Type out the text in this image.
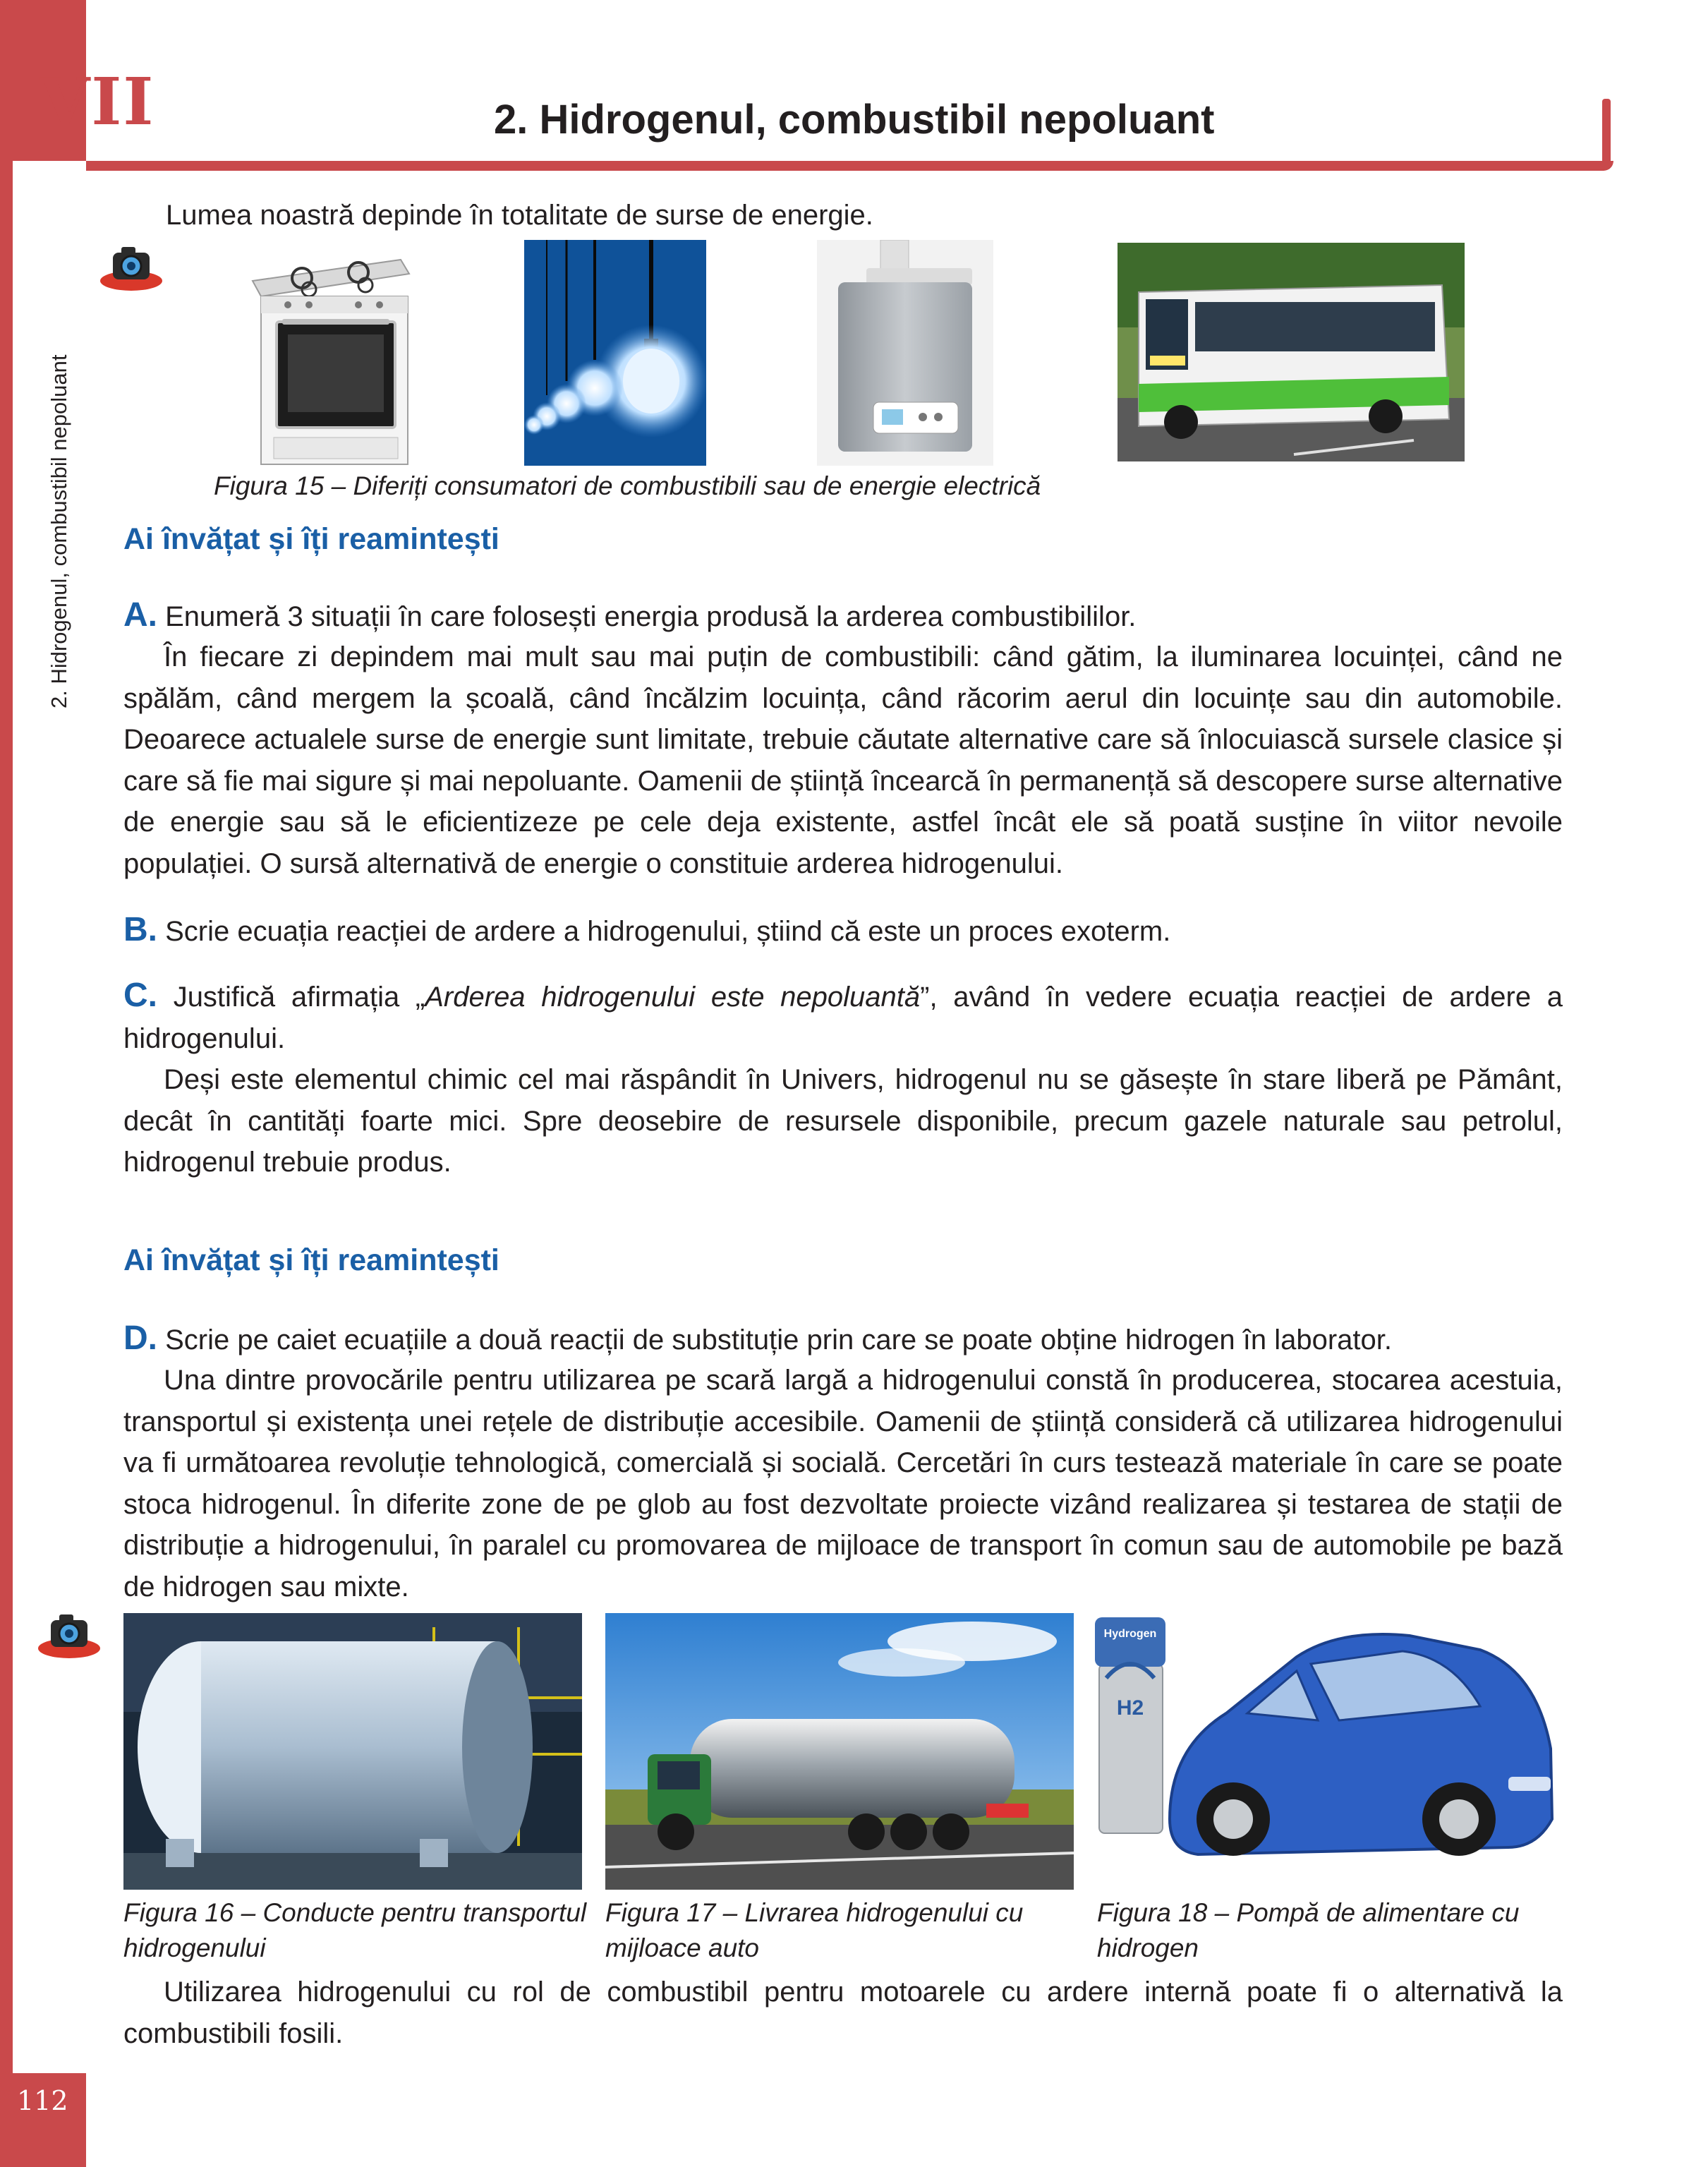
VII
Unitatea
2. Hidrogenul, combustibil nepoluant
112
2. Hidrogenul, combustibil nepoluant
Lumea noastră depinde în totalitate de surse de energie.
Figura 15 – Diferiți consumatori de combustibili sau de energie electrică
Ai învățat și îți reamintești
A. Enumeră 3 situații în care folosești energia produsă la arderea combustibililor.

În fiecare zi depindem mai mult sau mai puțin de combustibili: când gătim, la iluminarea locuinței, când ne spălăm, când mergem la școală, când încălzim locuința, când răcorim aerul din locuințe sau din automobile. Deoarece actualele surse de energie sunt limitate, trebuie căutate alternative care să înlocuiască sursele clasice și care să fie mai sigure și mai nepoluante. Oamenii de știință încearcă în permanență să descopere surse alternative de energie sau să le eficientizeze pe cele deja existente, astfel încât ele să poată susține în viitor nevoile populației. O sursă alternativă de energie o constituie arderea hidrogenului.

B. Scrie ecuația reacției de ardere a hidrogenului, știind că este un proces exoterm.
C. Justifică afirmația „Arderea hidrogenului este nepoluantă”, având în vedere ecuația reacției de ardere a hidrogenului.

Deși este elementul chimic cel mai răspândit în Univers, hidrogenul nu se găsește în stare liberă pe Pământ, decât în cantități foarte mici. Spre deosebire de resursele disponibile, precum gazele naturale sau petrolul, hidrogenul trebuie produs.

Ai învățat și îți reamintești
D. Scrie pe caiet ecuațiile a două reacții de substituție prin care se poate obține hidrogen în laborator.

Una dintre provocările pentru utilizarea pe scară largă a hidrogenului constă în producerea, stocarea acestuia, transportul și existența unei rețele de distribuție accesibile. Oamenii de știință consideră că utilizarea hidrogenului va fi următoarea revoluție tehnologică, comercială și socială. Cercetări în curs testează materiale în care se poate stoca hidrogenul. În diferite zone de pe glob au fost dezvoltate proiecte vizând realizarea și testarea de stații de distribuție a hidrogenului, în paralel cu promovarea de mijloace de transport în comun sau de automobile pe bază de hidrogen sau mixte.

Hydrogen
H2
Figura 16 – Conducte pentru transportul hidrogenului
Figura 17 – Livrarea hidrogenului cu mijloace auto
Figura 18 – Pompă de alimentare cu hidrogen

Utilizarea hidrogenului cu rol de combustibil pentru motoarele cu ardere internă poate fi o alternativă la combustibili fosili.
